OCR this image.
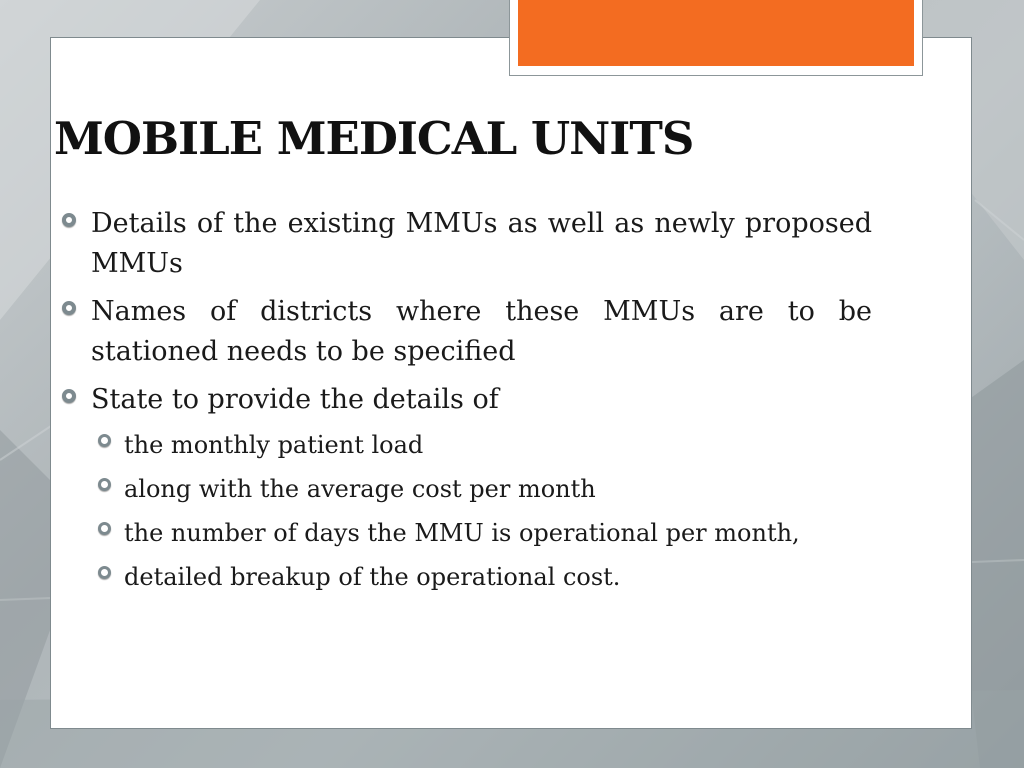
MOBILE MEDICAL UNITS
Details of the existing MMUs as well as newly proposed MMUs
Names of districts where these MMUs are to be stationed needs to be specified
State to provide the details of
the monthly patient load
along with the average cost per month
the number of days the MMU is operational per month,
detailed breakup of the operational cost.
